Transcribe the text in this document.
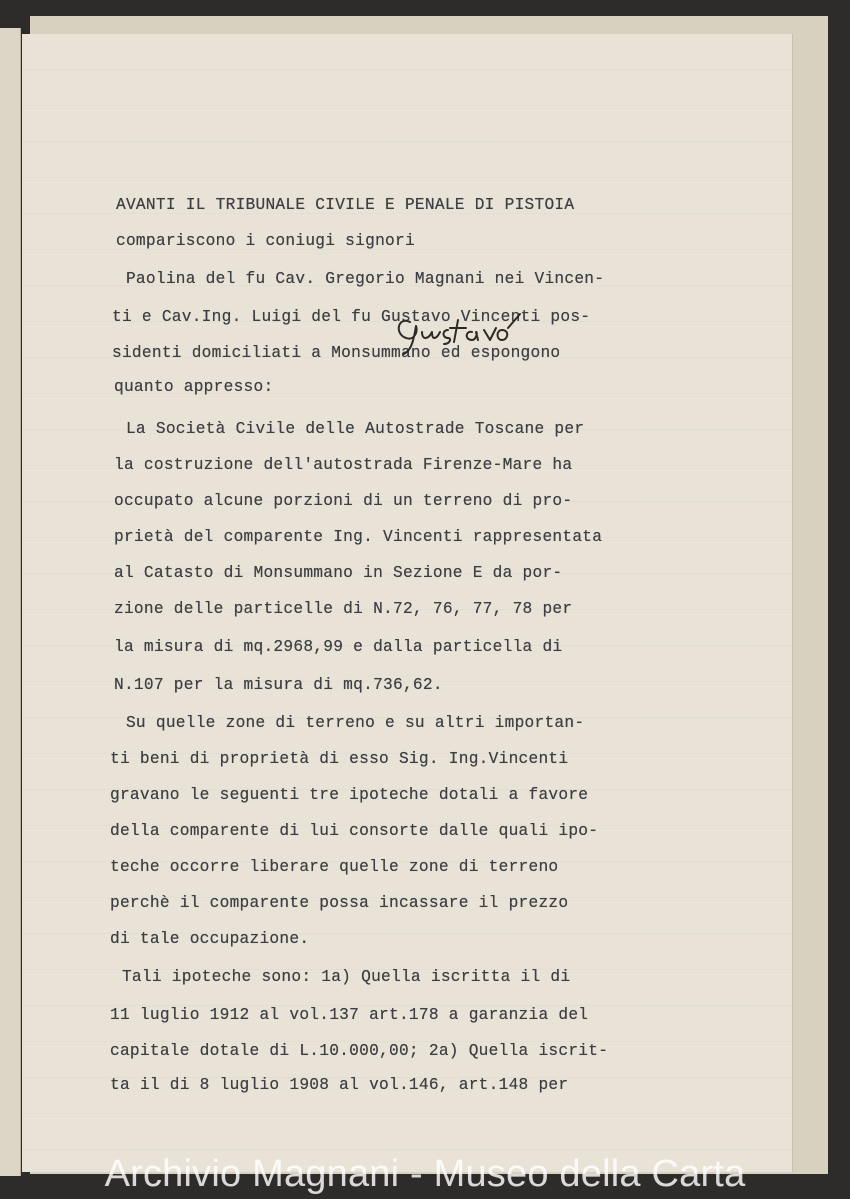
AVANTI IL TRIBUNALE CIVILE E PENALE DI PISTOIA

compariscono i coniugi signori

Paolina del fu Cav. Gregorio Magnani nei Vincen-

ti e Cav.Ing. Luigi del fu Gustavo Vincenti pos-

sidenti domiciliati a Monsummano ed espongono

quanto appresso:

La Società Civile delle Autostrade Toscane per

la costruzione dell'autostrada Firenze-Mare ha

occupato alcune porzioni di un terreno di pro-

prietà del comparente Ing. Vincenti rappresentata

al Catasto di Monsummano in Sezione E da por-

zione delle particelle di N.72, 76, 77, 78 per

la misura di mq.2968,99 e dalla particella di

N.107 per la misura di mq.736,62.

Su quelle zone di terreno e su altri importan-

ti beni di proprietà di esso Sig. Ing.Vincenti

gravano le seguenti tre ipoteche dotali a favore

della comparente di lui consorte dalle quali ipo-

teche occorre liberare quelle zone di terreno

perchè il comparente possa incassare il prezzo

di tale occupazione.

Tali ipoteche sono: 1a) Quella iscritta il di

11 luglio 1912 al vol.137 art.178 a garanzia del

capitale dotale di L.10.000,00; 2a) Quella iscrit-

ta il di 8 luglio 1908 al vol.146, art.148 per

Archivio Magnani - Museo della Carta
